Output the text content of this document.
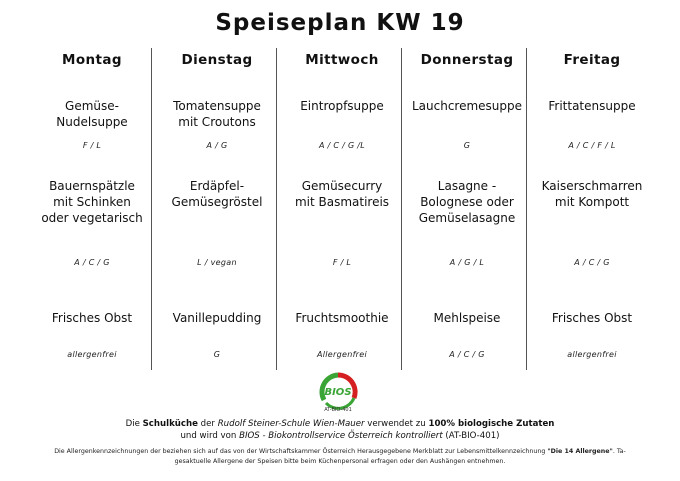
Speiseplan KW 19
Montag
Gemüse-
Nudelsuppe
F / L
Bauernspätzle
mit Schinken
oder vegetarisch
A / C / G
Frisches Obst
allergenfrei
Dienstag
Tomatensuppe
mit Croutons
A / G
Erdäpfel-
Gemüsegröstel
L / vegan
Vanillepudding
G
Mittwoch
Eintropfsuppe
A / C / G /L
Gemüsecurry
mit Basmatireis
F / L
Fruchtsmoothie
Allergenfrei
Donnerstag
Lauchcremesuppe
G
Lasagne -
Bolognese oder
Gemüselasagne
A / G / L
Mehlspeise
A / C / G
Freitag
Frittatensuppe
A / C / F / L
Kaiserschmarren
mit Kompott
A / C / G
Frisches Obst
allergenfrei
BIOS
AT-BIO-401
Die Schulküche der Rudolf Steiner-Schule Wien-Mauer verwendet zu 100% biologische Zutaten
und wird von BIOS - Biokontrollservice Österreich kontrolliert (AT-BIO-401)
Die Allergenkennzeichnungen der beziehen sich auf das von der Wirtschaftskammer Österreich Herausgegebene Merkblatt zur Lebensmittelkennzeichnung "Die 14 Allergene". Ta-
gesaktuelle Allergene der Speisen bitte beim Küchenpersonal erfragen oder den Aushängen entnehmen.
